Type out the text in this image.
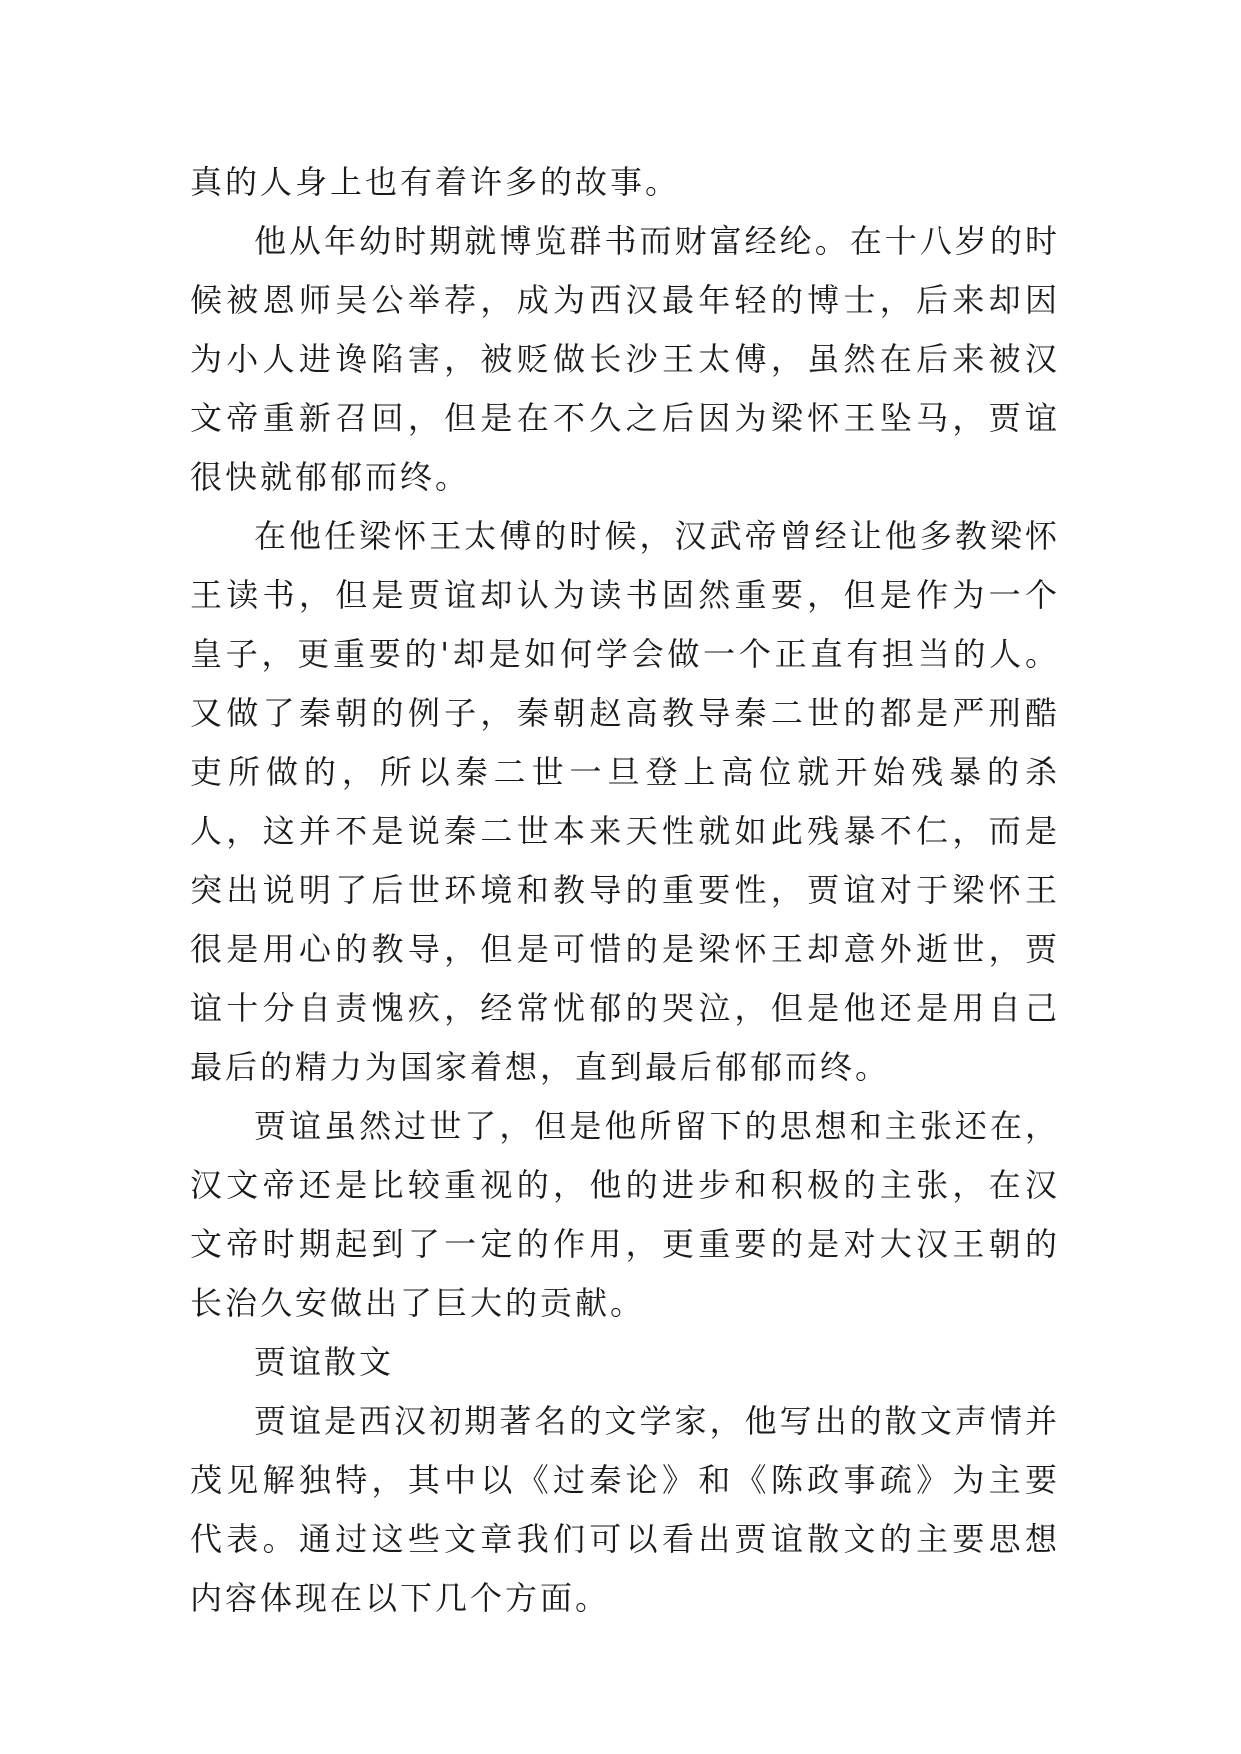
真的人身上也有着许多的故事。

他从年幼时期就博览群书而财富经纶。在十八岁的时候被恩师吴公举荐，成为西汉最年轻的博士，后来却因为小人进谗陷害，被贬做长沙王太傅，虽然在后来被汉文帝重新召回，但是在不久之后因为梁怀王坠马，贾谊很快就郁郁而终。

在他任梁怀王太傅的时候，汉武帝曾经让他多教梁怀王读书，但是贾谊却认为读书固然重要，但是作为一个皇子，更重要的'却是如何学会做一个正直有担当的人。又做了秦朝的例子，秦朝赵高教导秦二世的都是严刑酷吏所做的，所以秦二世一旦登上高位就开始残暴的杀人，这并不是说秦二世本来天性就如此残暴不仁，而是突出说明了后世环境和教导的重要性，贾谊对于梁怀王很是用心的教导，但是可惜的是梁怀王却意外逝世，贾谊十分自责愧疚，经常忧郁的哭泣，但是他还是用自己最后的精力为国家着想，直到最后郁郁而终。

贾谊虽然过世了，但是他所留下的思想和主张还在，汉文帝还是比较重视的，他的进步和积极的主张，在汉文帝时期起到了一定的作用，更重要的是对大汉王朝的长治久安做出了巨大的贡献。

贾谊散文

贾谊是西汉初期著名的文学家，他写出的散文声情并茂见解独特，其中以《过秦论》和《陈政事疏》为主要代表。通过这些文章我们可以看出贾谊散文的主要思想内容体现在以下几个方面。
